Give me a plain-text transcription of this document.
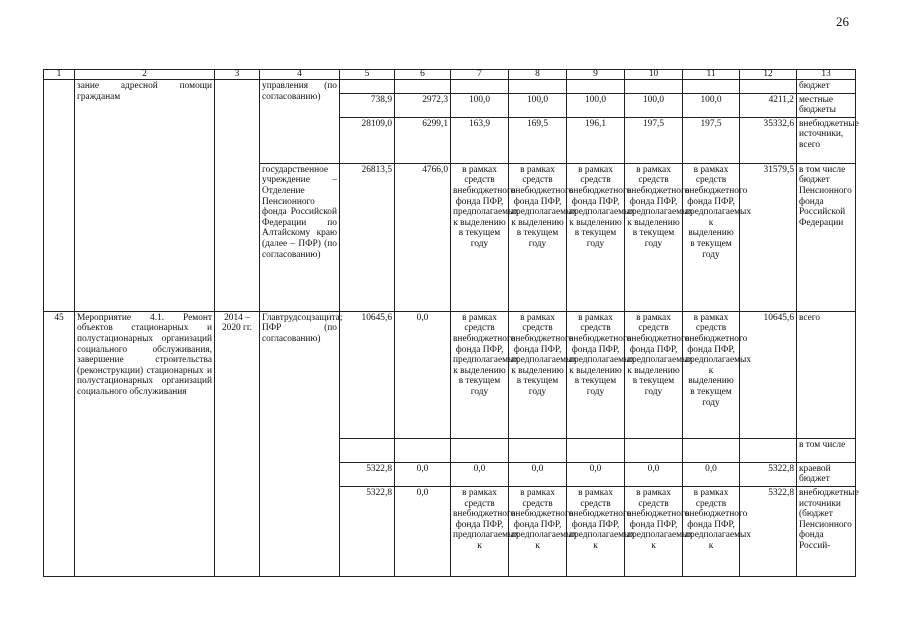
26
1	2	3	4	5	6	7	8	9	10	11	12	13
	зание адресной помощи гражданам		управления (по согласованию)									бюджет
				738,9	2972,3	100,0	100,0	100,0	100,0	100,0	4211,2	местные бюджеты
				28109,0	6299,1	163,9	169,5	196,1	197,5	197,5	35332,6	внебюджетные источники, всего
			государственное учреждение – Отделение Пенсионного фонда Российской Федерации по Алтайскому краю (далее – ПФР) (по согласованию)	26813,5	4766,0	в рамках средств внебюджетного фонда ПФР, предполагаемых к выделению в текущем году	в рамках средств внебюджетного фонда ПФР, предполагаемых к выделению в текущем году	в рамках средств внебюджетного фонда ПФР, предполагаемых к выделению в текущем году	в рамках средств внебюджетного фонда ПФР, предполагаемых к выделению в текущем году	в рамках средств внебюджетного фонда ПФР, предполагаемых к выделению в текущем году	31579,5	в том числе бюджет Пенсионного фонда Российской Федерации
45	Мероприятие 4.1. Ремонт объектов стационарных и полустационарных организаций социального обслуживания, завершение строительства (реконструкции) стационарных и полустационарных организаций социального обслуживания	2014 – 2020 гг.	Главтрудсоцзащита; ПФР (по согласованию)	10645,6	0,0	в рамках средств внебюджетного фонда ПФР, предполагаемых к выделению в текущем году	в рамках средств внебюджетного фонда ПФР, предполагаемых к выделению в текущем году	в рамках средств внебюджетного фонда ПФР, предполагаемых к выделению в текущем году	в рамках средств внебюджетного фонда ПФР, предполагаемых к выделению в текущем году	в рамках средств внебюджетного фонда ПФР, предполагаемых к выделению в текущем году	10645,6	всего
												в том числе
				5322,8	0,0	0,0	0,0	0,0	0,0	0,0	5322,8	краевой бюджет
				5322,8	0,0	в рамках средств внебюджетного фонда ПФР, предполагаемых к	в рамках средств внебюджетного фонда ПФР, предполагаемых к	в рамках средств внебюджетного фонда ПФР, предполагаемых к	в рамках средств внебюджетного фонда ПФР, предполагаемых к	в рамках средств внебюджетного фонда ПФР, предполагаемых к	5322,8	внебюджетные источники (бюджет Пенсионного фонда Россий-
